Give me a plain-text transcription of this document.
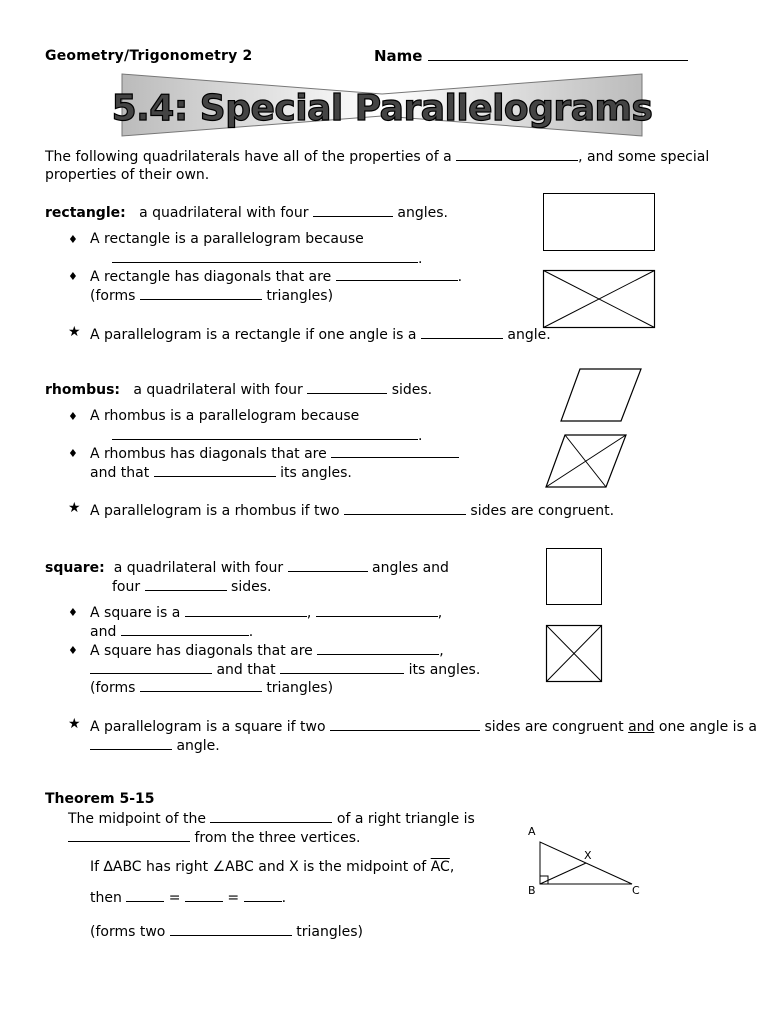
Geometry/Trigonometry 2	Name
5.4: Special Parallelograms
The following quadrilaterals have all of the properties of a	, and some special
properties of their own.
rectangle: a quadrilateral with four	angles.
♦ A rectangle is a parallelogram because
.
♦ A rectangle has diagonals that are	.
(forms	triangles)
★ A parallelogram is a rectangle if one angle is a	angle.
rhombus: a quadrilateral with four	sides.
♦ A rhombus is a parallelogram because
.
♦ A rhombus has diagonals that are
and that	its angles.
★ A parallelogram is a rhombus if two	sides are congruent.
square: a quadrilateral with four	angles and
four	sides.
♦ A square is a	,	,
and	.
♦ A square has diagonals that are	,
and that	its angles.
(forms	triangles)
★ A parallelogram is a square if two	sides are congruent and one angle is a
angle.
Theorem 5-15
The midpoint of the	of a right triangle is
from the three vertices.
If ∆ABC has right ∠ABC and X is the midpoint of $\overline{AC}$,
then	=	=	.
(forms two	triangles)
A
B	C
X
